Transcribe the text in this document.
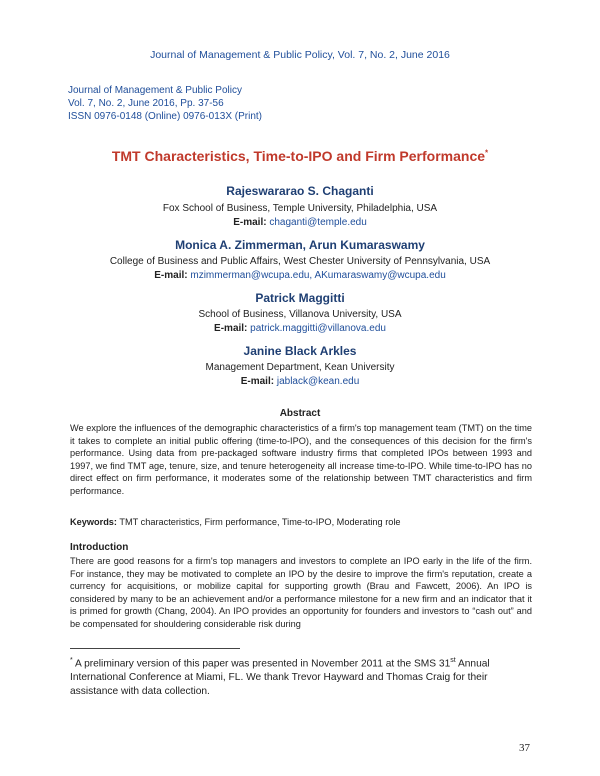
Journal of Management & Public Policy, Vol. 7, No. 2, June 2016
Journal of Management & Public Policy
Vol. 7, No. 2, June 2016, Pp. 37-56
ISSN 0976-0148 (Online) 0976-013X (Print)
TMT Characteristics, Time-to-IPO and Firm Performance*
Rajeswararao S. Chaganti
Fox School of Business, Temple University, Philadelphia, USA
E-mail: chaganti@temple.edu
Monica A. Zimmerman, Arun Kumaraswamy
College of Business and Public Affairs, West Chester University of Pennsylvania, USA
E-mail: mzimmerman@wcupa.edu, AKumaraswamy@wcupa.edu
Patrick Maggitti
School of Business, Villanova University, USA
E-mail: patrick.maggitti@villanova.edu
Janine Black Arkles
Management Department, Kean University
E-mail: jablack@kean.edu
Abstract
We explore the influences of the demographic characteristics of a firm's top management team (TMT) on the time it takes to complete an initial public offering (time-to-IPO), and the consequences of this decision for the firm's performance. Using data from pre-packaged software industry firms that completed IPOs between 1993 and 1997, we find TMT age, tenure, size, and tenure heterogeneity all increase time-to-IPO. While time-to-IPO has no direct effect on firm performance, it moderates some of the relationship between TMT characteristics and firm performance.
Keywords: TMT characteristics, Firm performance, Time-to-IPO, Moderating role
Introduction
There are good reasons for a firm's top managers and investors to complete an IPO early in the life of the firm. For instance, they may be motivated to complete an IPO by the desire to improve the firm's reputation, create a currency for acquisitions, or mobilize capital for supporting growth (Brau and Fawcett, 2006). An IPO is considered by many to be an achievement and/or a performance milestone for a new firm and an indicator that it is primed for growth (Chang, 2004). An IPO provides an opportunity for founders and investors to “cash out” and be compensated for shouldering considerable risk during
* A preliminary version of this paper was presented in November 2011 at the SMS 31st Annual International Conference at Miami, FL. We thank Trevor Hayward and Thomas Craig for their assistance with data collection.
37
